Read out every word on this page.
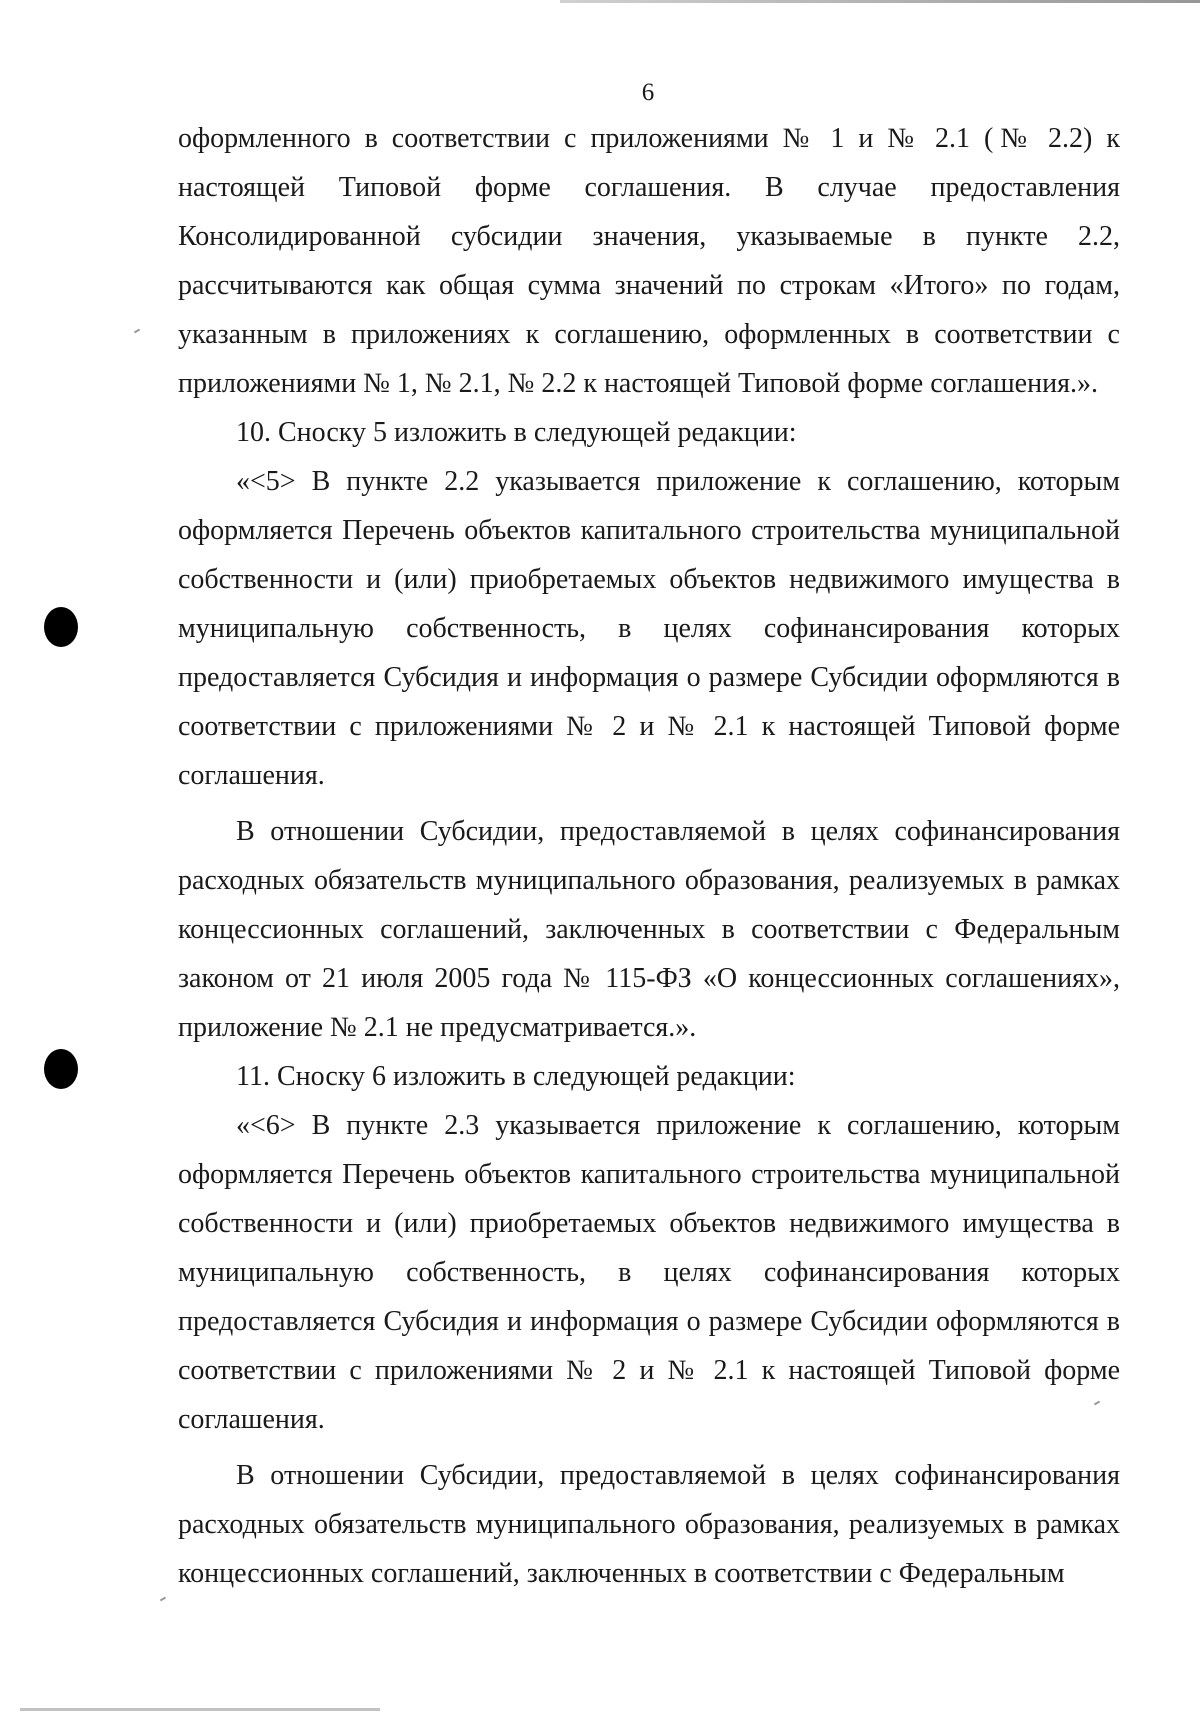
6

оформленного в соответствии с приложениями № 1 и № 2.1 (№ 2.2) к настоящей Типовой форме соглашения. В случае предоставления Консолидированной субсидии значения, указываемые в пункте 2.2, рассчитываются как общая сумма значений по строкам «Итого» по годам, указанным в приложениях к соглашению, оформленных в соответствии с приложениями № 1, № 2.1, № 2.2 к настоящей Типовой форме соглашения.».

10. Сноску 5 изложить в следующей редакции:

«<5> В пункте 2.2 указывается приложение к соглашению, которым оформляется Перечень объектов капитального строительства муниципальной собственности и (или) приобретаемых объектов недвижимого имущества в муниципальную собственность, в целях софинансирования которых предоставляется Субсидия и информация о размере Субсидии оформляются в соответствии с приложениями № 2 и № 2.1 к настоящей Типовой форме соглашения.

В отношении Субсидии, предоставляемой в целях софинансирования расходных обязательств муниципального образования, реализуемых в рамках концессионных соглашений, заключенных в соответствии с Федеральным законом от 21 июля 2005 года № 115-ФЗ «О концессионных соглашениях», приложение № 2.1 не предусматривается.».

11. Сноску 6 изложить в следующей редакции:

«<6> В пункте 2.3 указывается приложение к соглашению, которым оформляется Перечень объектов капитального строительства муниципальной собственности и (или) приобретаемых объектов недвижимого имущества в муниципальную собственность, в целях софинансирования которых предоставляется Субсидия и информация о размере Субсидии оформляются в соответствии с приложениями № 2 и № 2.1 к настоящей Типовой форме соглашения.

В отношении Субсидии, предоставляемой в целях софинансирования расходных обязательств муниципального образования, реализуемых в рамках концессионных соглашений, заключенных в соответствии с Федеральным
